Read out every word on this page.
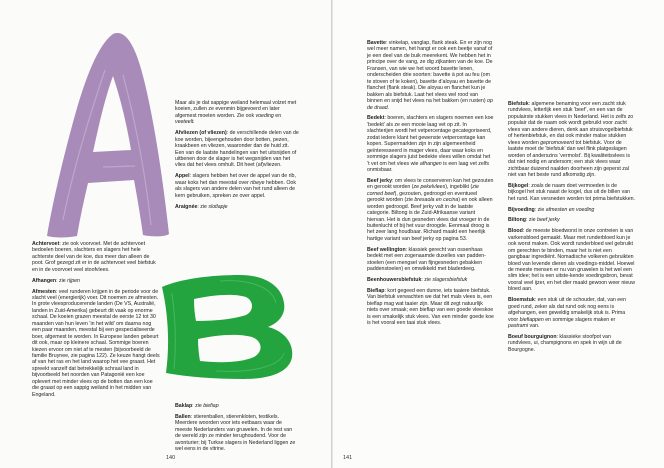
Achtervoet: zie ook voorvoet. Met de achtervoet bedoelen boeren, slachters en slagers het hele achterste deel van de koe, dus meer dan alleen de poot. Grof gezegd zit er in de achtervoet veel biefstuk en in de voorvoet veel stoofvlees.

Afhangen: zie rijpen

Afmesten: veel runderen krijgen in de periode voor de slacht veel (energierijk) voer. Dit noemen ze afmesten. In grote vleesproducerende landen (De VS, Australië, landen in Zuid-Amerika) gebeurt dit vaak op enorme schaal. De koeien grazen meestal de eerste 12 tot 30 maanden van hun leven ‘in het wild’ om daarna nog een paar maanden, meestal bij een gespecialiseerde boer, afgemest te worden. In Europese landen gebeurt dit ook, maar op kleinere schaal. Sommige boeren kiezen ervoor om niet af te mesten (bijvoorbeeld de familie Bruynee, zie pagina 122). Ze keuze hangt deels af van het ras en het land waarop het vee graast. Het spreekt vanzelf dat betrekkelijk schraal land in bijvoorbeeld het noorden van Patagonië een koe oplevert met minder vlees op de botten dan een koe die graast op een sappig weiland in het midden van Engeland.

Maar als je dat sappige weiland helemaal volzet met koeien, zullen ze evenmin bijgevoerd en later afgemest moeten worden. Zie ook voeding en veeteelt.

Afvliezen (of vliezen): de verschillende delen van de koe worden, bijeengehouden door botten, pezen, kraakbeen en vliezen, waaronder dan de huid zit. Een van de laatste handelingen van het uitsnijden of uitbenen door de slager is het wegsnijden van het vlies dat het vlees omhult. Dit heet (af)vliezen.

Appel: slagers hebben het over de appel van de rib, waar koks het dan meestal over ribeye hebben. Ook als slagers van andere delen van het rund alleen de kern gebruiken, spreken ze over appel.

Araignée: zie slotlapje

Baklap: zie biefiap

Ballen: stierenballen, stierenkloten, testikels. Meerdere woorden voor iets eetbaars waar de meeste Nederlanders van gruwelen. In de rest van de wereld zijn ze minder terughoudend. Voor de avonturier; bij Turkse slagers in Nederland liggen ze wel eens in de vitrine.

140

Bavette: vinkelap, vanglap, flank steak. En er zijn nog wel meer namen, het hangt er ook een beetje vanaf of je een deel van de buik meerekent. We hebben het in principe over de vang, ze dig zijkanten van de koe. De Fransen, van wie we het woord bavette lenen, onderscheiden drie soorten: bavette à pot au feu (om te stoven of te koken), bavette d’aloyau en bavette de flanchet (flank steak). Die aloyau en flanchet kun je bakken als biefstuk. Laat het vlees wel rood van binnen en snijd het vlees na het bakken (en rusten) op de draad.

Bedekt: boeren, slachters en slagers noemen een koe ‘bedekt’ als ze een mooie laag vet op zit. In slachterijen wordt het vetpercentage gecategoriseerd, zodat iedere klant het gewenste vetpercentage kan kopen. Supermarkten zijn in zijn algemeenheid geïnteresseerd in mager vlees, daar waar koks en sommige slagers juist bedekte vlees willen omdat het ’t vet om het vlees wie afhangen is een laag vet zelfs onmisbaar.

Beef jerky: om vlees te conserveren kan het gezouten en gerookt worden (ze pekelvlees), ingeblikt (zie corned beef), gezouten, gedroogd en eventueel gerookt worden (zie bresaola en cecina) en ook alleen worden gedroogd. Beef jerky valt in de laatste categorie. Biltong is de Zuid-Afrikaanse variant hiervan. Het is dun gesneden vlees dat vroeger in de buitenlucht of bij het vuur droogde. Eenmaal droog is het zeer lang houdbaar. Richard maakt een heerlijk hartige variant van beef jerky op pagina 53.

Beef wellington: klassiek gerecht van ossenhaas bedekt met een zogenaamde duxelles van padden-stoelen (een mengsel van fijngesneden gebakken paddenstoelen) en omwikkeld met bladerdeeg.

Beenhouwersbiefstuk: zie slagersbiefstuk

Bieflap: kort gegeed een dunne, iets taaiere biefstuk. Van biefstuk verwachten we dat het mals vlees is, een bieflap mag wat taaier zijn. Maar dit zegt natuurlijk niets over smaak; een bieflap van een goede vleeskoe is een smakelijk stuk vlees. Van een minder goede koe is het vooral een taai stuk vlees.

Biefstuk: algemene benaming voor een zacht stuk rundvlees, letterlijk een stuk ‘beef’, en een van de populairste stukken vlees in Nederland. Het is zelfs zo populair dat de naam ook wordt gebruikt voor zacht vlees van andere dieren, denk aan struisvogelbiefstuk of hertenbiefstuk, en dat ook minder malse stukken vlees worden gepromoveerd tot biefstuk. Voor de laatste moet de ‘biefstuk’ dan wel flink platgeslagen worden of anderszins ‘vermolst’. Bij kwaliteitsvlees is dat niet nodig en andersom; een stuk vlees waar zichtbaar duizend naalden doorheen zijn geperst zal niet van het beste rund afkomstig zijn.

Bijkogel: zoals de naam doet vermoeden is de bijkogel het stuk naast de kogel, dus uit de billen van het rund. Kan versneden worden tot prima biefstukken.

Bijvoeding: zie afmesten en voeding

Biltong: zie beef jerky

Blood: de meeste bloedworst in onze contreien is van varkensbloed gemaakt. Maar met runderbloed kun je ook worst maken. Ook wordt runderbloed wel gebruikt om gerechten te binden, maar het is niet een gangbaar ingrediënt. Nomadische volkeren gebruikten bloed van levende dieren als voedings-middel. Hoewel de meeste mensen er nu van gruwelen is het wel een slim idee; het is een uitste-kende voedingsbron, bevat vooral veel ijzer, en het dier maakt gewoon weer nieuw bloed aan.

Bloemstuk: een stuk uit de schouder, dat, van een goed rund, zeker als dat rund ook nog eens is afgehangen, een geweldig smakelijk stuk is. Prima voor biefiappen en sommige slagers maken er pastrami van.

Boeuf bourguignon: klassieke stoofpot van rundvlees, ui, champignons en spek in wijn uit de Bourgogne.

141
